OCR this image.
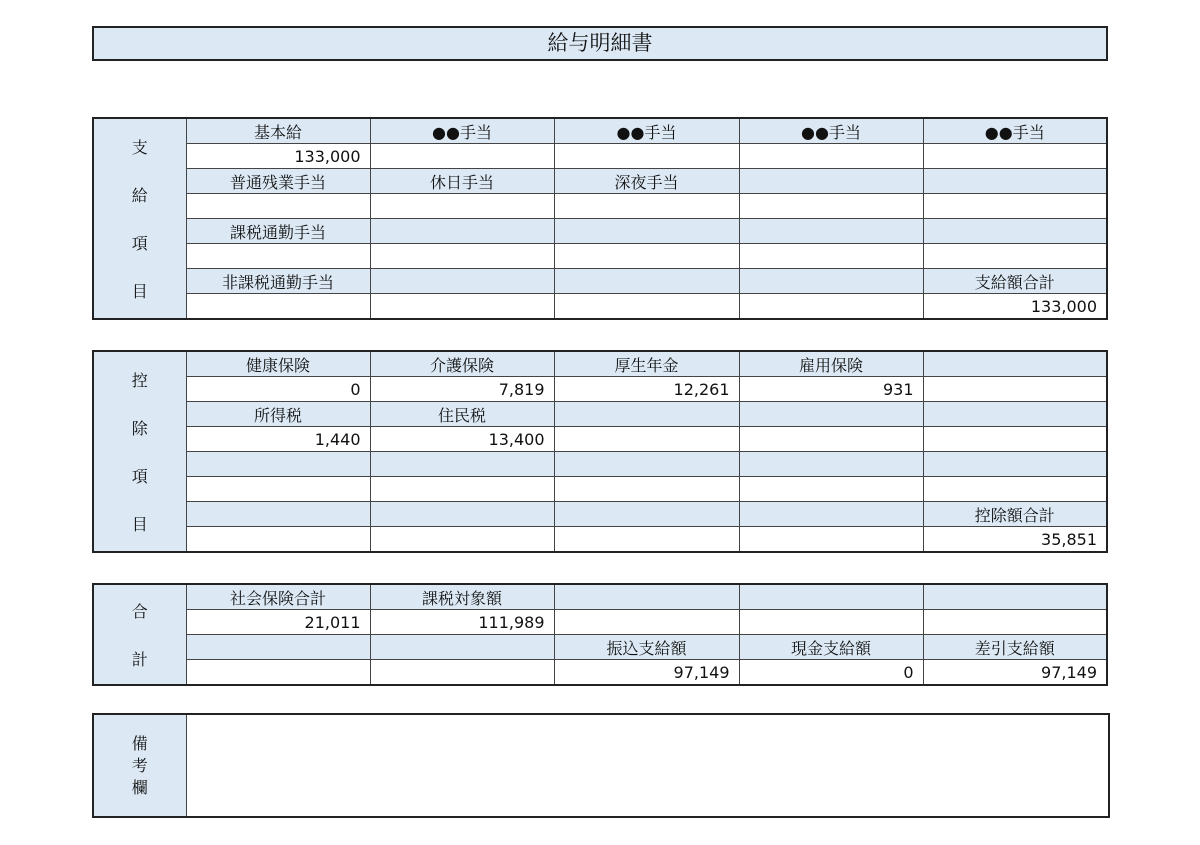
給与明細書
支
給
項
目	基本給	●●手当	●●手当	●●手当	●●手当
	133,000				
	普通残業手当	休日手当	深夜手当		

	課税通勤手当				

	非課税通勤手当				支給額合計
					133,000
控
除
項
目	健康保険	介護保険	厚生年金	雇用保険	
	0	7,819	12,261	931	
	所得税	住民税			
	1,440	13,400			

					控除額合計
					35,851
合
計	社会保険合計	課税対象額			
	21,011	111,989			
			振込支給額	現金支給額	差引支給額
			97,149	0	97,149
備
考
欄
